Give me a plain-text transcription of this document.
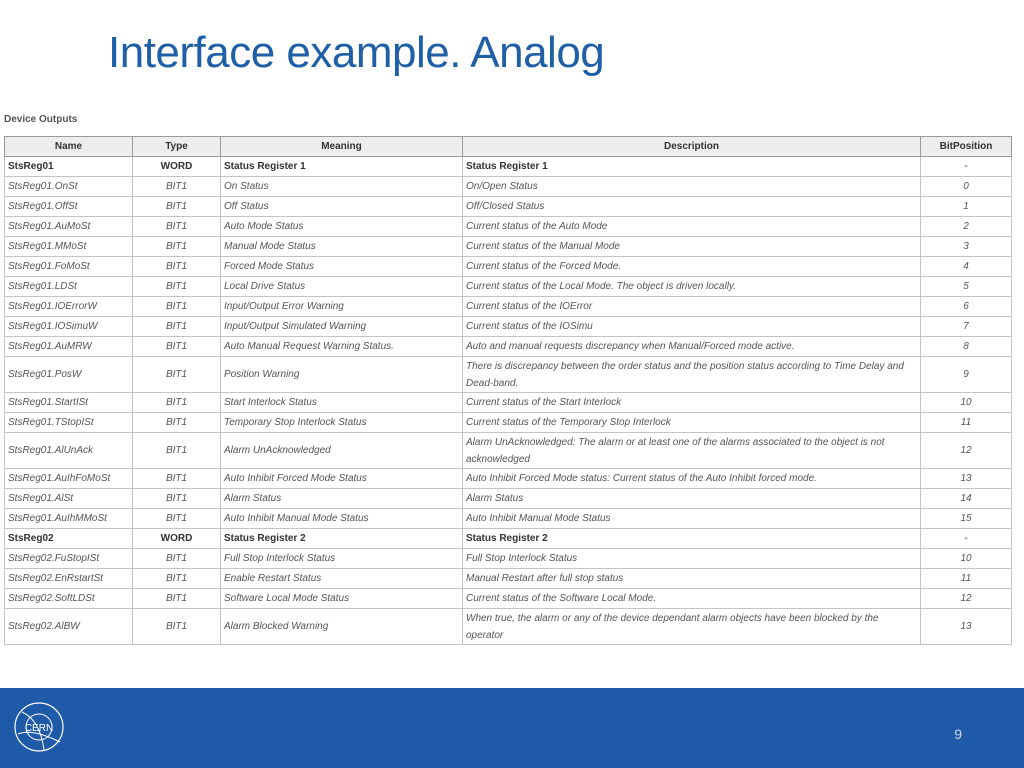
Interface example. Analog
Device Outputs
Name	Type	Meaning	Description	BitPosition
StsReg01	WORD	Status Register 1	Status Register 1	-
StsReg01.OnSt	BIT1	On Status	On/Open Status	0
StsReg01.OffSt	BIT1	Off Status	Off/Closed Status	1
StsReg01.AuMoSt	BIT1	Auto Mode Status	Current status of the Auto Mode	2
StsReg01.MMoSt	BIT1	Manual Mode Status	Current status of the Manual Mode	3
StsReg01.FoMoSt	BIT1	Forced Mode Status	Current status of the Forced Mode.	4
StsReg01.LDSt	BIT1	Local Drive Status	Current status of the Local Mode. The object is driven locally.	5
StsReg01.IOErrorW	BIT1	Input/Output Error Warning	Current status of the IOError	6
StsReg01.IOSimuW	BIT1	Input/Output Simulated Warning	Current status of the IOSimu	7
StsReg01.AuMRW	BIT1	Auto Manual Request Warning Status.	Auto and manual requests discrepancy when Manual/Forced mode active.	8
StsReg01.PosW	BIT1	Position Warning	There is discrepancy between the order status and the position status according to Time Delay and Dead-band.	9
StsReg01.StartISt	BIT1	Start Interlock Status	Current status of the Start Interlock	10
StsReg01.TStopISt	BIT1	Temporary Stop Interlock Status	Current status of the Temporary Stop Interlock	11
StsReg01.AlUnAck	BIT1	Alarm UnAcknowledged	Alarm UnAcknowledged: The alarm or at least one of the alarms associated to the object is not acknowledged	12
StsReg01.AuIhFoMoSt	BIT1	Auto Inhibit Forced Mode Status	Auto Inhibit Forced Mode status: Current status of the Auto Inhibit forced mode.	13
StsReg01.AlSt	BIT1	Alarm Status	Alarm Status	14
StsReg01.AuIhMMoSt	BIT1	Auto Inhibit Manual Mode Status	Auto Inhibit Manual Mode Status	15
StsReg02	WORD	Status Register 2	Status Register 2	-
StsReg02.FuStopISt	BIT1	Full Stop Interlock Status	Full Stop Interlock Status	10
StsReg02.EnRstartSt	BIT1	Enable Restart Status	Manual Restart after full stop status	11
StsReg02.SoftLDSt	BIT1	Software Local Mode Status	Current status of the Software Local Mode.	12
StsReg02.AlBW	BIT1	Alarm Blocked Warning	When true, the alarm or any of the device dependant alarm objects have been blocked by the operator	13
CERN	9
